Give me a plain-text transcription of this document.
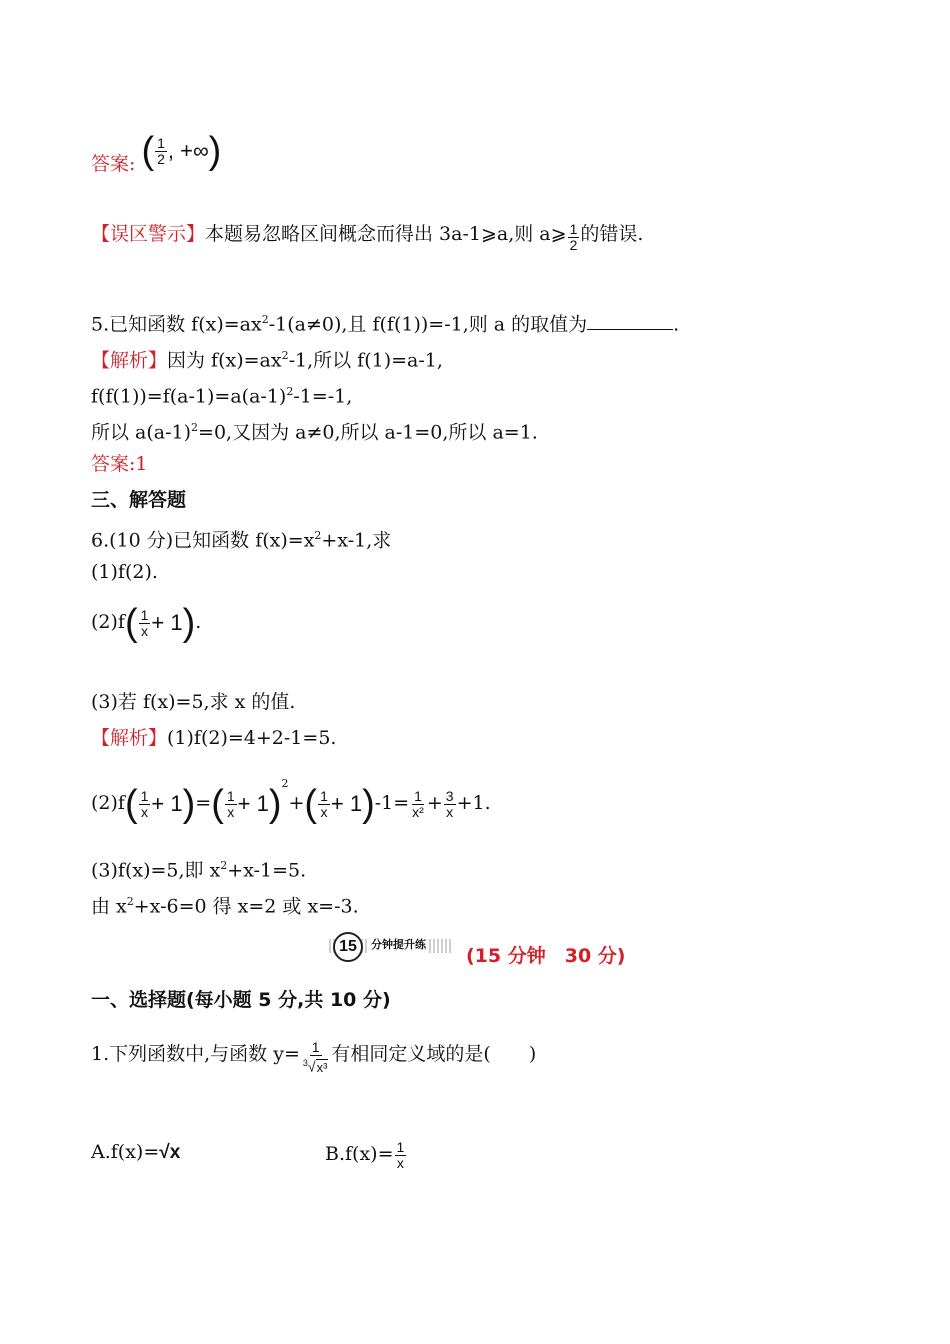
答案: ( $\frac{1}{2}$ , +∞)
【误区警示】本题易忽略区间概念而得出 3a-1⩾a,则 a⩾ $\frac{1}{2}$ 的错误.
5.已知函数 $f(x)=ax^2-1(a\ne 0)$,且 f(f(1))=-1,则 a 的取值为	.
【解析】因为 $f(x)=ax^2-1$,所以 f(1)=a-1,
$f(f(1))=f(a-1)=a(a-1)^2-1=-1$,
所以 $a(a-1)^2=0$,又因为 a≠0,所以 a-1=0,所以 a=1.
答案:1
三、解答题
6.(10 分)已知函数 $f(x)=x^2+x-1$,求
(1)f(2).
$(2)f( \frac{1}{x} + 1)$.
(3)若 f(x)=5,求 x 的值.
【解析】(1)f(2)=4+2-1=5.
$(2)f( \frac{1}{x} + 1)=( \frac{1}{x} + 1)^2+( \frac{1}{x} + 1)-1= \frac{1}{\text{x²}} + \frac{3}{x} +1$.
(3)f(x)=5,即 $x^2+x-1=5$.
由 $x^2+x-6=0$ 得 x=2 或 x=-3.
15	分钟提升练
(15 分钟　30 分)
一、选择题(每小题 5 分,共 10 分)
1.下列函数中,与函数 $y= \frac{1}{^3√x^3}$ 有相同定义域的是(　　)
A.f(x)=√x	$B.f(x)= \frac{1}{x}$
